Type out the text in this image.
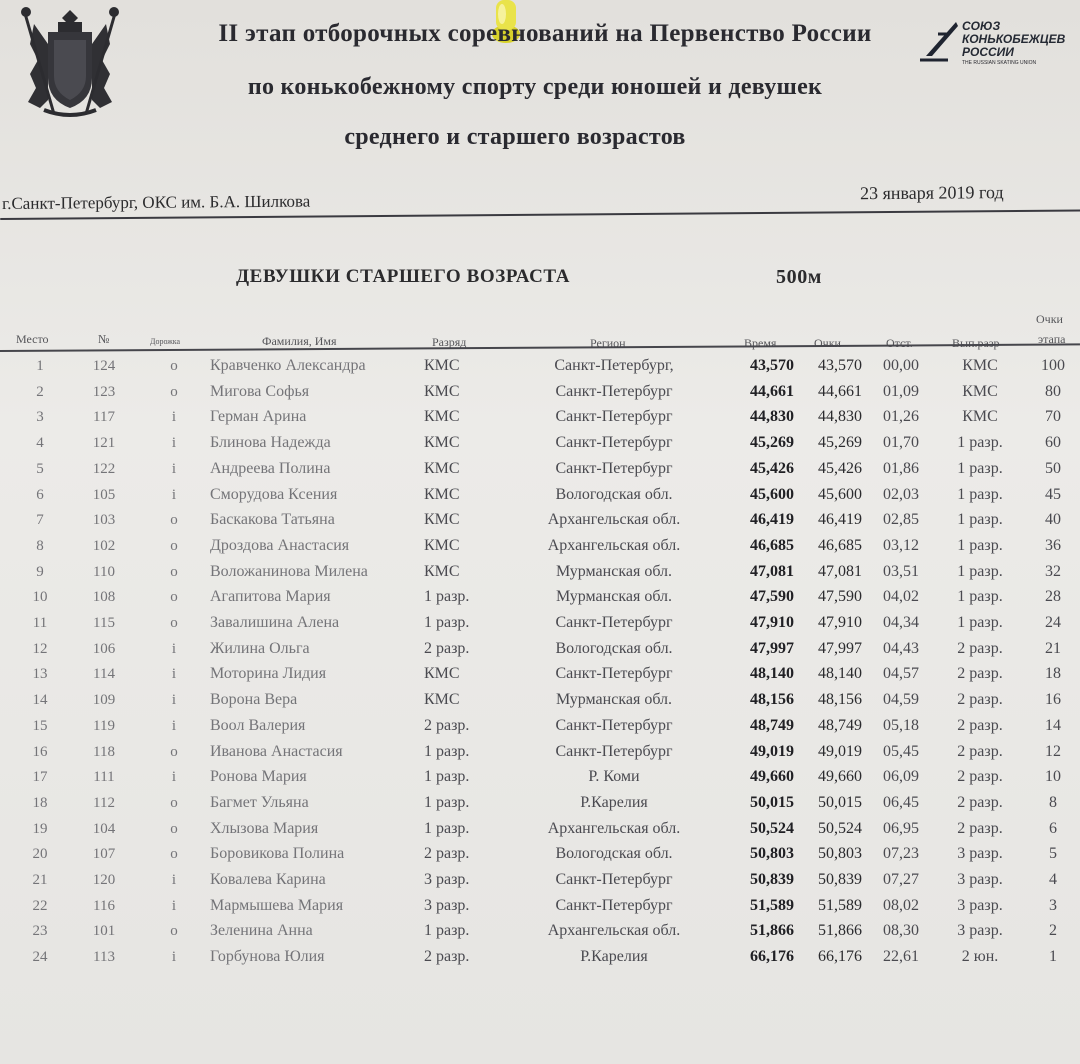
II этап отборочных соревнований на Первенство России
по конькобежному спорту среди юношей и девушек
среднего и старшего возрастов
СОЮЗ
КОНЬКОБЕЖЦЕВ
РОССИИ
THE RUSSIAN SKATING UNION
г.Санкт-Петербург, ОКС им. Б.А. Шилкова	23 января 2019 год
ДЕВУШКИ СТАРШЕГО ВОЗРАСТА	500м
Место	№	Дорожка	Фамилия, Имя	Разряд	Регион	Время	Очки	Отст.	Вып.разр
Очки
этапа
1	124	o	Кравченко Александра	КМС	Санкт-Петербург,	43,570	43,570	00,00	КМС	100
2	123	o	Мигова Софья	КМС	Санкт-Петербург	44,661	44,661	01,09	КМС	80
3	117	i	Герман Арина	КМС	Санкт-Петербург	44,830	44,830	01,26	КМС	70
4	121	i	Блинова Надежда	КМС	Санкт-Петербург	45,269	45,269	01,70	1 разр.	60
5	122	i	Андреева Полина	КМС	Санкт-Петербург	45,426	45,426	01,86	1 разр.	50
6	105	i	Сморудова Ксения	КМС	Вологодская обл.	45,600	45,600	02,03	1 разр.	45
7	103	o	Баскакова Татьяна	КМС	Архангельская обл.	46,419	46,419	02,85	1 разр.	40
8	102	o	Дроздова Анастасия	КМС	Архангельская обл.	46,685	46,685	03,12	1 разр.	36
9	110	o	Воложанинова Милена	КМС	Мурманская обл.	47,081	47,081	03,51	1 разр.	32
10	108	o	Агапитова Мария	1 разр.	Мурманская обл.	47,590	47,590	04,02	1 разр.	28
11	115	o	Завалишина Алена	1 разр.	Санкт-Петербург	47,910	47,910	04,34	1 разр.	24
12	106	i	Жилина Ольга	2 разр.	Вологодская обл.	47,997	47,997	04,43	2 разр.	21
13	114	i	Моторина Лидия	КМС	Санкт-Петербург	48,140	48,140	04,57	2 разр.	18
14	109	i	Ворона Вера	КМС	Мурманская обл.	48,156	48,156	04,59	2 разр.	16
15	119	i	Воол Валерия	2 разр.	Санкт-Петербург	48,749	48,749	05,18	2 разр.	14
16	118	o	Иванова Анастасия	1 разр.	Санкт-Петербург	49,019	49,019	05,45	2 разр.	12
17	111	i	Ронова Мария	1 разр.	Р. Коми	49,660	49,660	06,09	2 разр.	10
18	112	o	Багмет Ульяна	1 разр.	Р.Карелия	50,015	50,015	06,45	2 разр.	8
19	104	o	Хлызова Мария	1 разр.	Архангельская обл.	50,524	50,524	06,95	2 разр.	6
20	107	o	Боровикова Полина	2 разр.	Вологодская обл.	50,803	50,803	07,23	3 разр.	5
21	120	i	Ковалева Карина	3 разр.	Санкт-Петербург	50,839	50,839	07,27	3 разр.	4
22	116	i	Мармышева Мария	3 разр.	Санкт-Петербург	51,589	51,589	08,02	3 разр.	3
23	101	o	Зеленина Анна	1 разр.	Архангельская обл.	51,866	51,866	08,30	3 разр.	2
24	113	i	Горбунова Юлия	2 разр.	Р.Карелия	66,176	66,176	22,61	2 юн.	1
